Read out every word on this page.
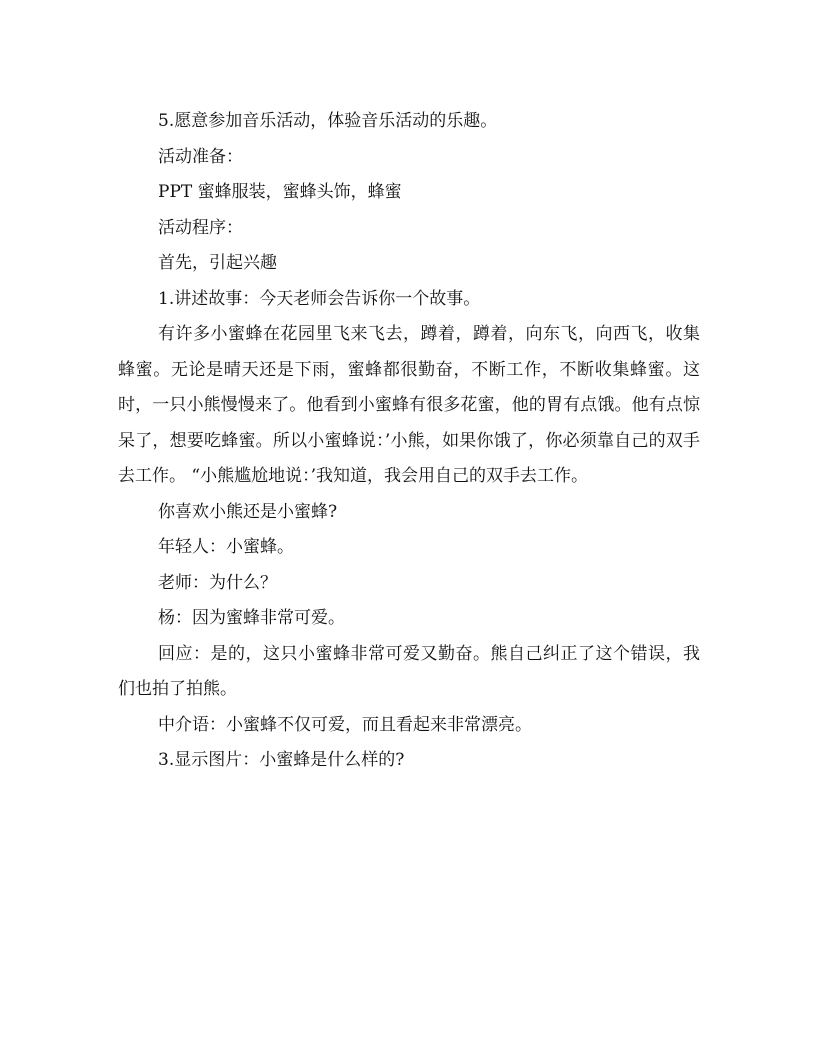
5.愿意参加音乐活动，体验音乐活动的乐趣。

活动准备：

PPT 蜜蜂服装，蜜蜂头饰，蜂蜜

活动程序：

首先，引起兴趣

1.讲述故事：今天老师会告诉你一个故事。

有许多小蜜蜂在花园里飞来飞去，蹲着，蹲着，向东飞，向西飞，收集蜂蜜。无论是晴天还是下雨，蜜蜂都很勤奋，不断工作，不断收集蜂蜜。这时，一只小熊慢慢来了。他看到小蜜蜂有很多花蜜，他的胃有点饿。他有点惊呆了，想要吃蜂蜜。所以小蜜蜂说：’小熊，如果你饿了，你必须靠自己的双手去工作。 “小熊尴尬地说：’我知道，我会用自己的双手去工作。

你喜欢小熊还是小蜜蜂?

年轻人：小蜜蜂。

老师：为什么？

杨：因为蜜蜂非常可爱。

回应：是的，这只小蜜蜂非常可爱又勤奋。熊自己纠正了这个错误，我们也拍了拍熊。

中介语：小蜜蜂不仅可爱，而且看起来非常漂亮。

3.显示图片：小蜜蜂是什么样的?
